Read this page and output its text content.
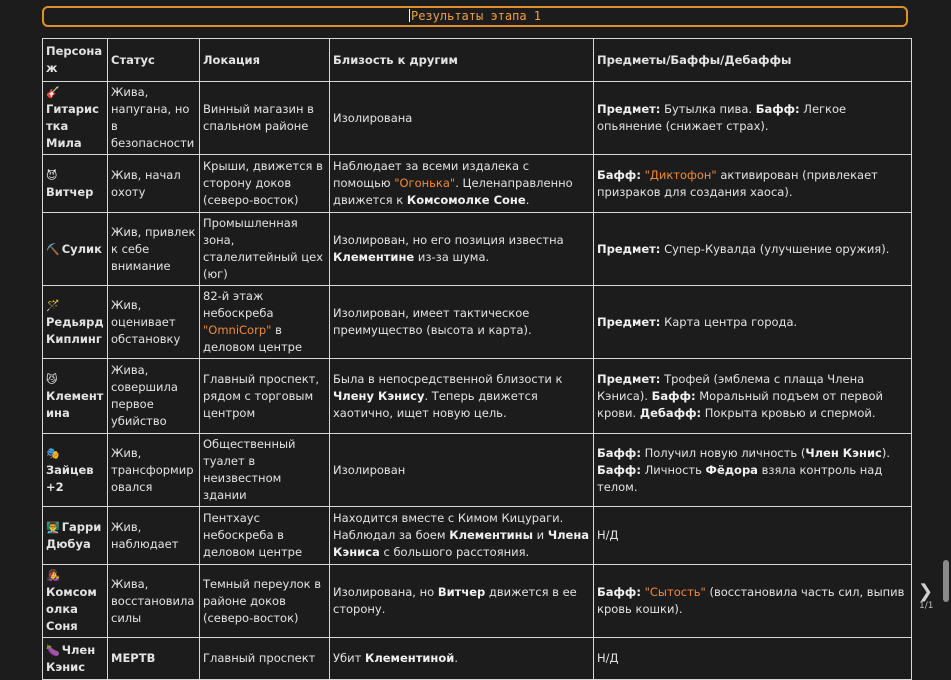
Результаты этапа 1
Персонаж	Статус	Локация	Близость к другим	Предметы/Баффы/Дебаффы
🎸Гитаристка Мила	Жива, напугана, но в безопасности	Винный магазин в спальном районе	Изолирована	Предмет: Бутылка пива. Бафф: Легкое опьянение (снижает страх).
😈Витчер	Жив, начал охоту	Крыши, движется в сторону доков (северо-восток)	Наблюдает за всеми издалека с помощью "Огонька". Целенаправленно движется к Комсомолке Соне.	Бафф: "Диктофон" активирован (привлекает призраков для создания хаоса).
⛏️ Сулик	Жив, привлек к себе внимание	Промышленная зона, сталелитейный цех (юг)	Изолирован, но его позиция известна Клементине из-за шума.	Предмет: Супер-Кувалда (улучшение оружия).
🪄Редьярд Киплинг	Жив, оценивает обстановку	82-й этаж небоскреба "OmniCorp" в деловом центре	Изолирован, имеет тактическое преимущество (высота и карта).	Предмет: Карта центра города.
😼Клементина	Жива, совершила первое убийство	Главный проспект, рядом с торговым центром	Была в непосредственной близости к Члену Кэнису. Теперь движется хаотично, ищет новую цель.	Предмет: Трофей (эмблема с плаща Члена Кэниса). Бафф: Моральный подъем от первой крови. Дебафф: Покрыта кровью и спермой.
🎭Зайцев +2	Жив, трансформировался	Общественный туалет в неизвестном здании	Изолирован	Бафф: Получил новую личность (Член Кэнис). Бафф: Личность Фёдора взяла контроль над телом.
👨‍🏫 Гарри Дюбуа	Жив, наблюдает	Пентхаус небоскреба в деловом центре	Находится вместе с Кимом Кицураги. Наблюдал за боем Клементины и Члена Кэниса с большого расстояния.	Н/Д
👩‍🎤Комсомолка Соня	Жива, восстановила силы	Темный переулок в районе доков (северо-восток)	Изолирована, но Витчер движется в ее сторону.	Бафф: "Сытость" (восстановила часть сил, выпив кровь кошки).
🍆 Член Кэнис	МЕРТВ	Главный проспект	Убит Клементиной.	Н/Д
❯
1/1
